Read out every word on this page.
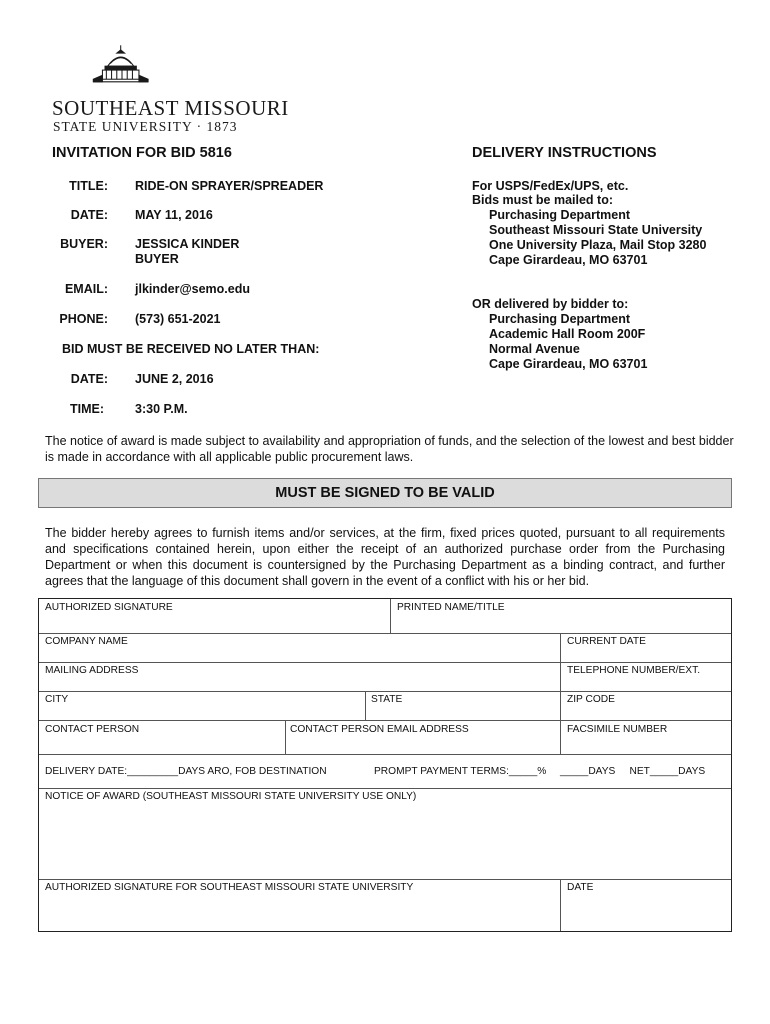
SOUTHEAST MISSOURI
STATE UNIVERSITY · 1873
INVITATION FOR BID 5816	DELIVERY INSTRUCTIONS
TITLE: RIDE-ON SPRAYER/SPREADER
DATE: MAY 11, 2016
BUYER: JESSICA KINDER
BUYER
EMAIL: jlkinder@semo.edu
PHONE: (573) 651-2021
BID MUST BE RECEIVED NO LATER THAN:
DATE: JUNE 2, 2016
TIME: 3:30 P.M.
For USPS/FedEx/UPS, etc.
Bids must be mailed to:
Purchasing Department
Southeast Missouri State University
One University Plaza, Mail Stop 3280
Cape Girardeau, MO 63701
OR delivered by bidder to:
Purchasing Department
Academic Hall Room 200F
Normal Avenue
Cape Girardeau, MO 63701
The notice of award is made subject to availability and appropriation of funds, and the selection of the lowest and best bidder is made in accordance with all applicable public procurement laws.
MUST BE SIGNED TO BE VALID
The bidder hereby agrees to furnish items and/or services, at the firm, fixed prices quoted, pursuant to all requirements and specifications contained herein, upon either the receipt of an authorized purchase order from the Purchasing Department or when this document is countersigned by the Purchasing Department as a binding contract, and further agrees that the language of this document shall govern in the event of a conflict with his or her bid.
AUTHORIZED SIGNATURE	PRINTED NAME/TITLE
COMPANY NAME	CURRENT DATE
MAILING ADDRESS	TELEPHONE NUMBER/EXT.
CITY	STATE	ZIP CODE
CONTACT PERSON	CONTACT PERSON EMAIL ADDRESS	FACSIMILE NUMBER
DELIVERY DATE:_________DAYS ARO, FOB DESTINATION	PROMPT PAYMENT TERMS:_____% _____DAYS     NET_____DAYS
NOTICE OF AWARD (SOUTHEAST MISSOURI STATE UNIVERSITY USE ONLY)
AUTHORIZED SIGNATURE FOR SOUTHEAST MISSOURI STATE UNIVERSITY	DATE
